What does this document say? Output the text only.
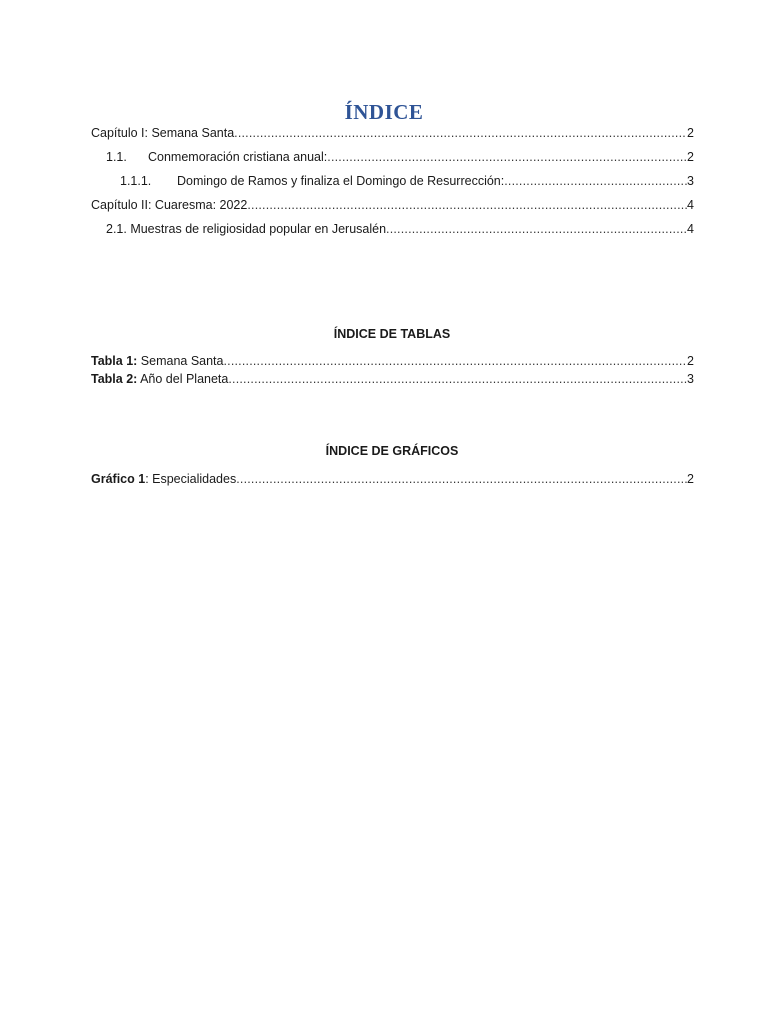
ÍNDICE
Capítulo I: Semana Santa .....	2
1.1.	Conmemoración cristiana anual: .....	2
1.1.1.	Domingo de Ramos y finaliza el Domingo de Resurrección: .....	3
Capítulo II: Cuaresma: 2022 .....	4
2.1. Muestras de religiosidad popular en Jerusalén .....	4
ÍNDICE DE TABLAS
Tabla 1: Semana Santa .....	2
Tabla 2: Año del Planeta .....	3
ÍNDICE DE GRÁFICOS
Gráfico 1 : Especialidades .....	2
